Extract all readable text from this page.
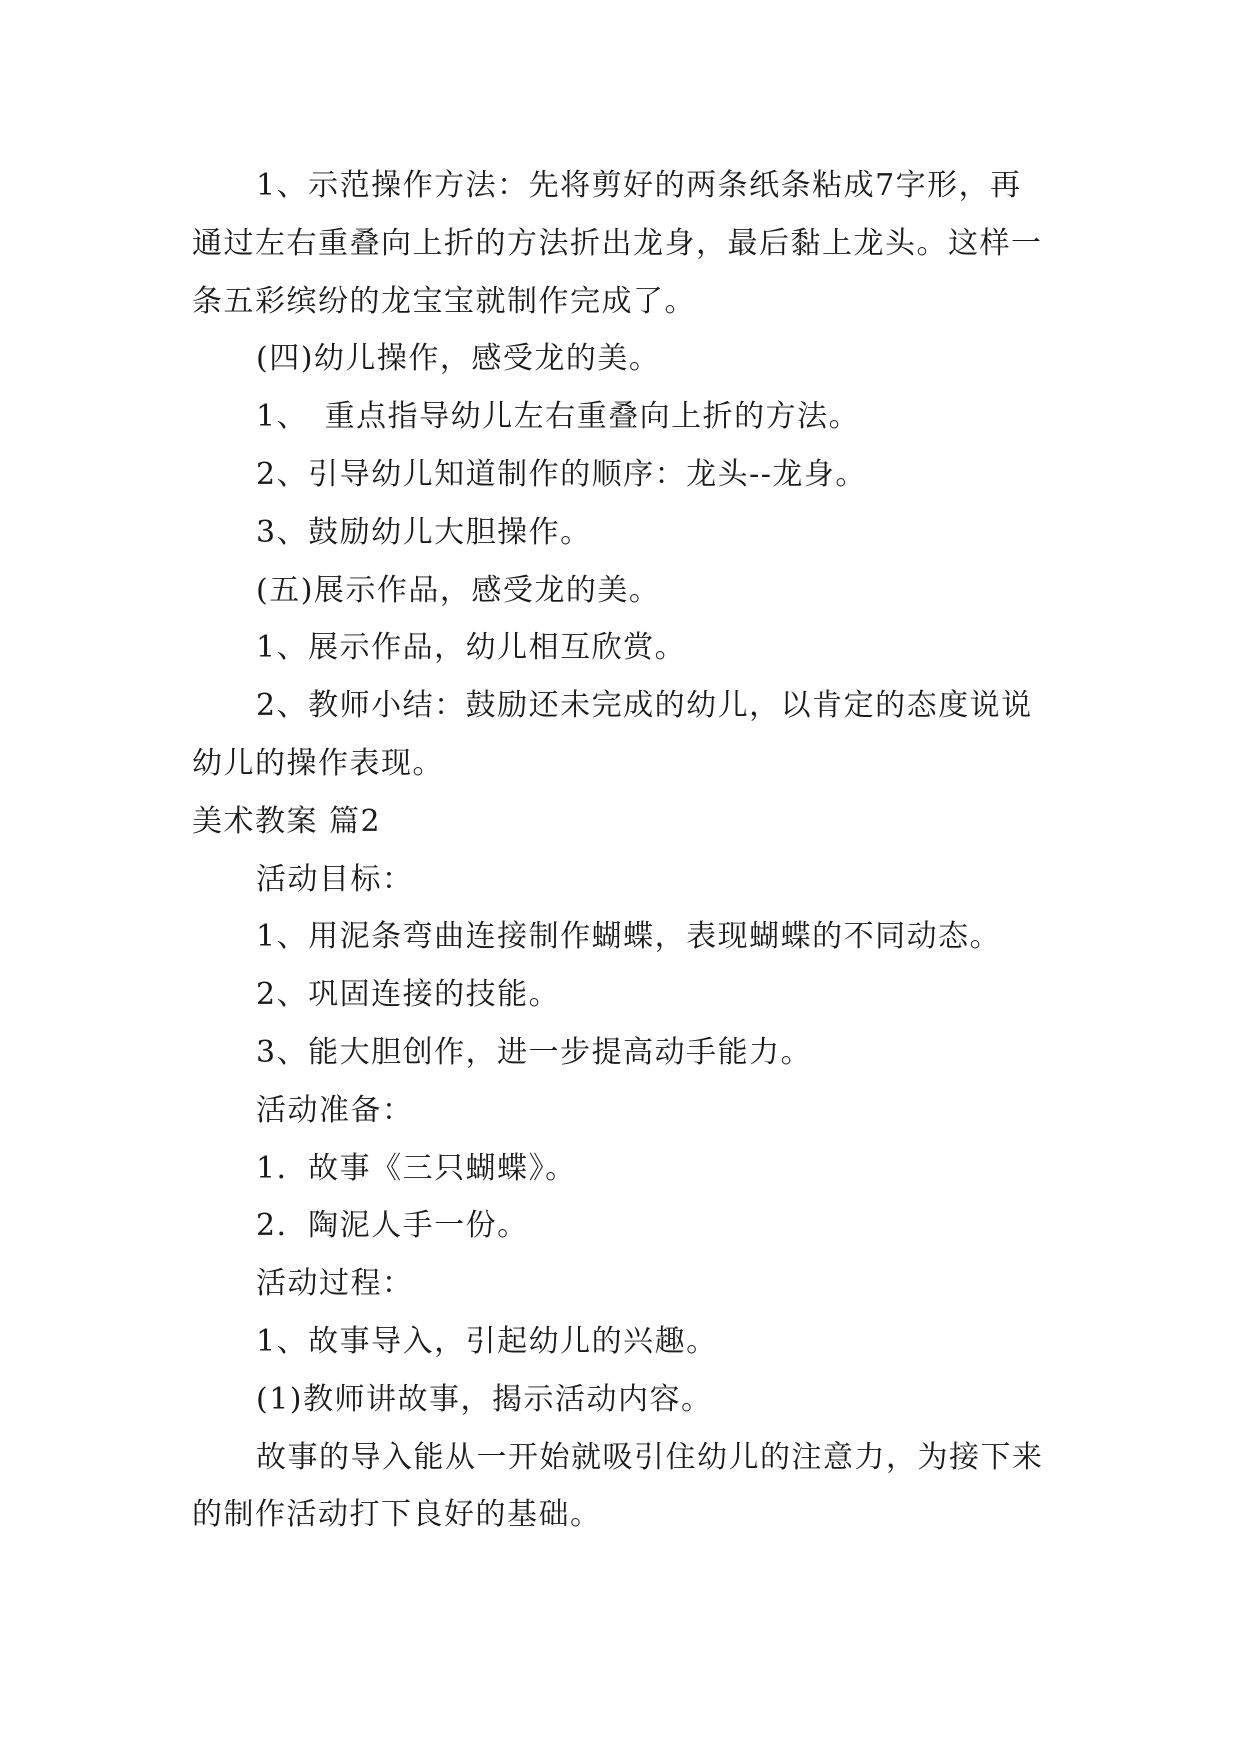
1、示范操作方法：先将剪好的两条纸条粘成7字形，再通过左右重叠向上折的方法折出龙身，最后黏上龙头。这样一条五彩缤纷的龙宝宝就制作完成了。

(四)幼儿操作，感受龙的美。

1、　重点指导幼儿左右重叠向上折的方法。

2、引导幼儿知道制作的顺序：龙头--龙身。

3、鼓励幼儿大胆操作。

(五)展示作品，感受龙的美。

1、展示作品，幼儿相互欣赏。

2、教师小结：鼓励还未完成的幼儿，以肯定的态度说说幼儿的操作表现。

美术教案 篇2

活动目标：

1、用泥条弯曲连接制作蝴蝶，表现蝴蝶的不同动态。

2、巩固连接的技能。

3、能大胆创作，进一步提高动手能力。

活动准备：

1．故事《三只蝴蝶》。

2．陶泥人手一份。

活动过程：

1、故事导入，引起幼儿的兴趣。

(1)教师讲故事，揭示活动内容。

故事的导入能从一开始就吸引住幼儿的注意力，为接下来的制作活动打下良好的基础。
